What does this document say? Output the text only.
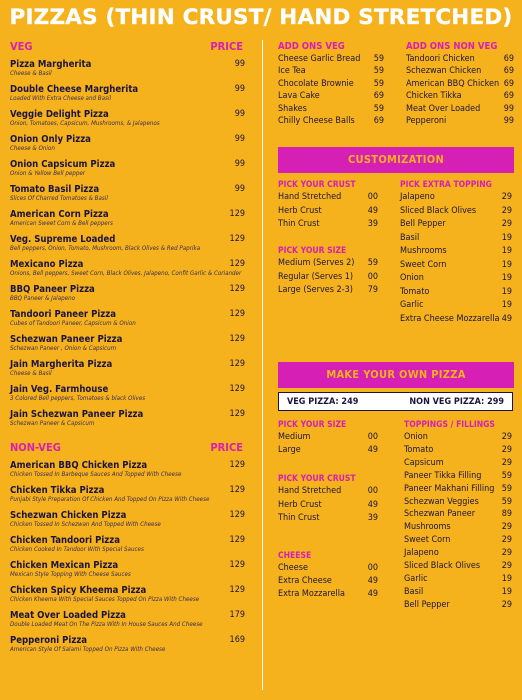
PIZZAS (THIN CRUST/ HAND STRETCHED)
VEG	PRICE
Pizza Margherita
Cheese & Basil
99
Double Cheese Margherita
Loaded With Extra Cheese and Basil
99
Veggie Delight Pizza
Onion, Tomatoes, Capsicum, Mushrooms, & Jalapenos
99
Onion Only Pizza
Cheese & Onion
99
Onion Capsicum Pizza
Onion & Yellow Bell pepper
99
Tomato Basil Pizza
Slices Of Charred Tomatoes & Basil
99
American Corn Pizza
American Sweet Corn & Bell peppers
129
Veg. Supreme Loaded
Bell peppers, Onion, Tomato, Mushroom, Black Olives & Red Paprika
129
Mexicano Pizza
Onions, Bell peppers, Sweet Corn, Black Olives, Jalapeno, Confit Garlic & Coriander
129
BBQ Paneer Pizza
BBQ Paneer & Jalapeno
129
Tandoori Paneer Pizza
Cubes of Tandoori Paneer, Capsicum & Onion
129
Schezwan Paneer Pizza
Schezwan Paneer , Onion & Capsicum
129
Jain Margherita Pizza
Cheese & Basil
129
Jain Veg. Farmhouse
3 Colored Bell peppers, Tomatoes & black Olives
129
Jain Schezwan Paneer Pizza
Schezwan Paneer & Capsicum
129
NON-VEG	PRICE
American BBQ Chicken Pizza
Chicken Tossed In Barbeque Sauces And Topped With Cheese
129
Chicken Tikka Pizza
Punjabi Style Preparation Of Chicken And Topped On Pizza With Cheese
129
Schezwan Chicken Pizza
Chicken Tossed In Schezwan And Topped With Cheese
129
Chicken Tandoori Pizza
Chicken Cooked In Tandoor With Special Sauces
129
Chicken Mexican Pizza
Mexican Style Topping With Cheese Sauces
129
Chicken Spicy Kheema Pizza
Chicken Kheema With Special Sauces Topped On Pizza With Cheese
129
Meat Over Loaded Pizza
Double Loaded Meat On The Pizza With In House Sauces And Cheese
179
Pepperoni Pizza
American Style Of Salami Topped On Pizza With Cheese
169
ADD ONS VEG
Cheese Garlic Bread 59
Ice Tea	59
Chocolate Brownie 59
Lava Cake	69
Shakes	59
Chilly Cheese Balls 69
ADD ONS NON VEG
Tandoori Chicken	69
Schezwan Chicken 69
American BBQ Chicken 69
Chicken Tikka	69
Meat Over Loaded	99
Pepperoni	99
CUSTOMIZATION
PICK YOUR CRUST
Hand Stretched	00
Herb Crust	49
Thin Crust	39
PICK YOUR SIZE
Medium (Serves 2) 59
Regular (Serves 1) 00
Large (Serves 2-3) 79
PICK EXTRA TOPPING
Jalapeno	29
Sliced Black Olives	29
Bell Pepper	29
Basil	19
Mushrooms	19
Sweet Corn	19
Onion	19
Tomato	19
Garlic	19
Extra Cheese Mozzarella 49
MAKE YOUR OWN PIZZA
VEG PIZZA: 249	NON VEG PIZZA: 299
PICK YOUR SIZE
Medium	00
Large	49
PICK YOUR CRUST
Hand Stretched	00
Herb Crust	49
Thin Crust	39
CHEESE
Cheese	00
Extra Cheese	49
Extra Mozzarella	49
TOPPINGS / FILLINGS
Onion	29
Tomato	29
Capsicum	29
Paneer Tikka Filling 59
Paneer Makhani Filling 59
Schezwan Veggies	59
Schezwan Paneer	89
Mushrooms	29
Sweet Corn	29
Jalapeno	29
Sliced Black Olives 29
Garlic	19
Basil	19
Bell Pepper	29
